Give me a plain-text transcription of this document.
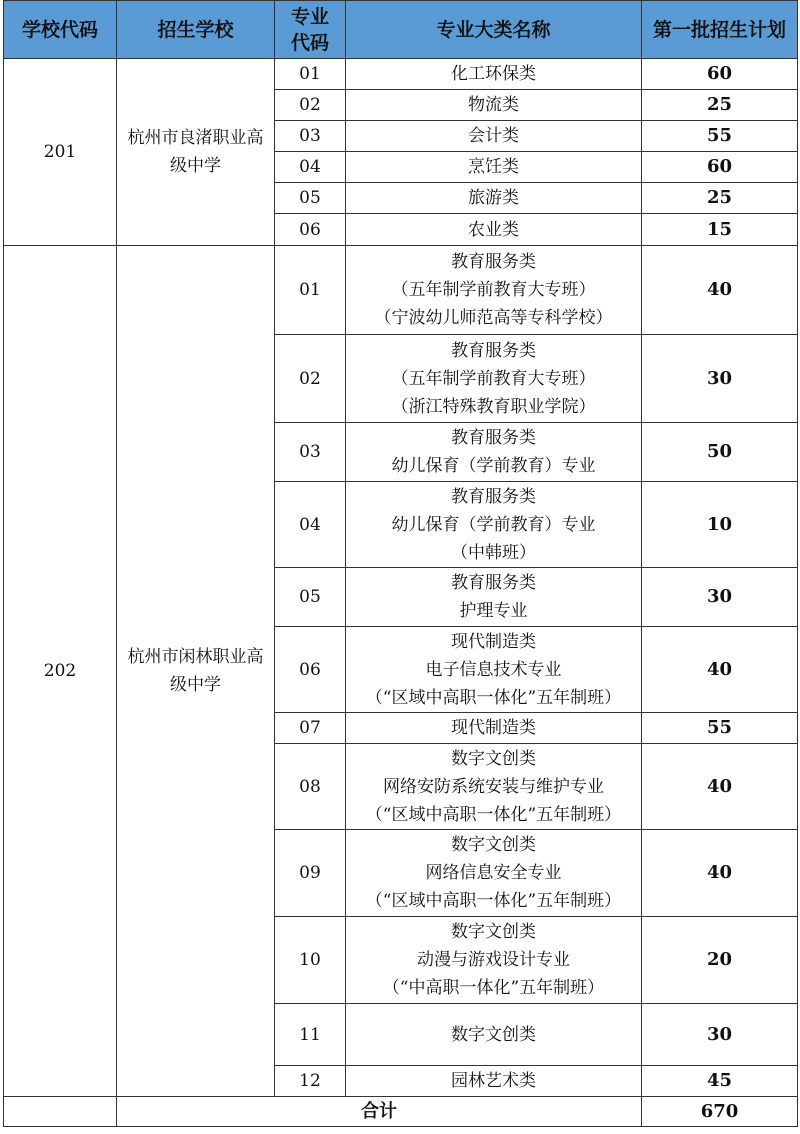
学校代码	招生学校	专业
代码	专业大类名称	第一批招生计划
201	杭州市良渚职业高级中学	01	化工环保类	60
		02	物流类	25
		03	会计类	55
		04	烹饪类	60
		05	旅游类	25
		06	农业类	15
202	杭州市闲林职业高级中学	01	教育服务类
（五年制学前教育大专班）
（宁波幼儿师范高等专科学校）	40
		02	教育服务类
（五年制学前教育大专班）
（浙江特殊教育职业学院）	30
		03	教育服务类
幼儿保育（学前教育）专业	50
		04	教育服务类
幼儿保育（学前教育）专业
（中韩班）	10
		05	教育服务类
护理专业	30
		06	现代制造类
电子信息技术专业
（“区域中高职一体化”五年制班）	40
		07	现代制造类	55
		08	数字文创类
网络安防系统安装与维护专业
（“区域中高职一体化”五年制班）	40
		09	数字文创类
网络信息安全专业
（“区域中高职一体化”五年制班）	40
		10	数字文创类
动漫与游戏设计专业
（“中高职一体化”五年制班）	20
		11	数字文创类	30
		12	园林艺术类	45
	合计			670
